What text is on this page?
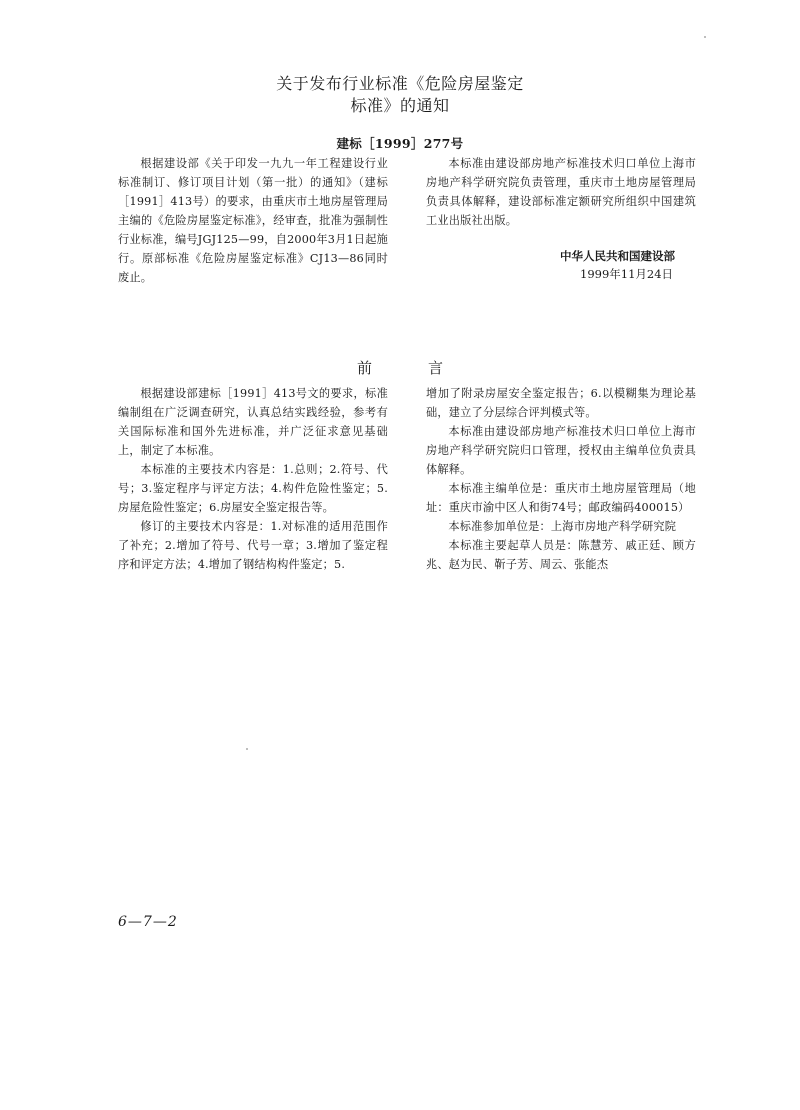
关于发布行业标准《危险房屋鉴定
标准》的通知
建标［1999］277号

根据建设部《关于印发一九九一年工程建设行业标准制订、修订项目计划（第一批）的通知》（建标［1991］413号）的要求，由重庆市土地房屋管理局主编的《危险房屋鉴定标准》，经审查，批准为强制性行业标准，编号JGJ125—99，自2000年3月1日起施行。原部标准《危险房屋鉴定标准》CJ13—86同时废止。

本标准由建设部房地产标准技术归口单位上海市房地产科学研究院负责管理，重庆市土地房屋管理局负责具体解释，建设部标准定额研究所组织中国建筑工业出版社出版。

中华人民共和国建设部
1999年11月24日
前	言

根据建设部建标［1991］413号文的要求，标准编制组在广泛调查研究，认真总结实践经验，参考有关国际标准和国外先进标准，并广泛征求意见基础上，制定了本标准。

本标准的主要技术内容是：1.总则；2.符号、代号；3.鉴定程序与评定方法；4.构件危险性鉴定；5.房屋危险性鉴定；6.房屋安全鉴定报告等。

修订的主要技术内容是：1.对标准的适用范围作了补充；2.增加了符号、代号一章；3.增加了鉴定程序和评定方法；4.增加了钢结构构件鉴定；5.

增加了附录房屋安全鉴定报告；6.以模糊集为理论基础，建立了分层综合评判模式等。

本标准由建设部房地产标准技术归口单位上海市房地产科学研究院归口管理，授权由主编单位负责具体解释。

本标准主编单位是：重庆市土地房屋管理局（地址：重庆市渝中区人和街74号；邮政编码400015）

本标准参加单位是：上海市房地产科学研究院

本标准主要起草人员是：陈慧芳、戚正廷、顾方兆、赵为民、靳子芳、周云、张能杰

6—7—2
